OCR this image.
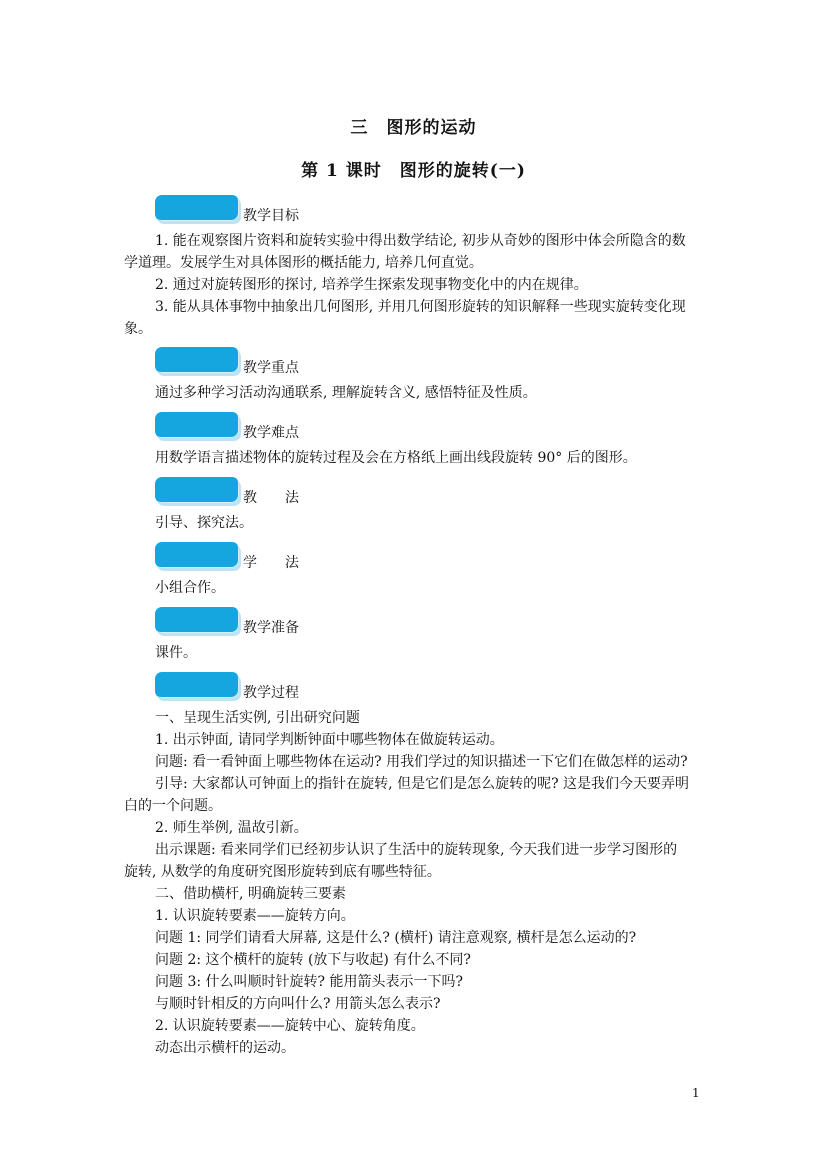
三　图形的运动
第 1 课时　图形的旋转(一)
教学目标
1. 能在观察图片资料和旋转实验中得出数学结论, 初步从奇妙的图形中体会所隐含的数
学道理。发展学生对具体图形的概括能力, 培养几何直觉。
2. 通过对旋转图形的探讨, 培养学生探索发现事物变化中的内在规律。
3. 能从具体事物中抽象出几何图形, 并用几何图形旋转的知识解释一些现实旋转变化现
象。
教学重点
通过多种学习活动沟通联系, 理解旋转含义, 感悟特征及性质。
教学难点
用数学语言描述物体的旋转过程及会在方格纸上画出线段旋转 90° 后的图形。
教　　法
引导、探究法。
学　　法
小组合作。
教学准备
课件。
教学过程
一、呈现生活实例, 引出研究问题
1. 出示钟面, 请同学判断钟面中哪些物体在做旋转运动。
问题: 看一看钟面上哪些物体在运动? 用我们学过的知识描述一下它们在做怎样的运动?
引导: 大家都认可钟面上的指针在旋转, 但是它们是怎么旋转的呢? 这是我们今天要弄明
白的一个问题。
2. 师生举例, 温故引新。
出示课题: 看来同学们已经初步认识了生活中的旋转现象, 今天我们进一步学习图形的
旋转, 从数学的角度研究图形旋转到底有哪些特征。
二、借助横杆, 明确旋转三要素
1. 认识旋转要素——旋转方向。
问题 1: 同学们请看大屏幕, 这是什么? (横杆) 请注意观察, 横杆是怎么运动的?
问题 2: 这个横杆的旋转 (放下与收起) 有什么不同?
问题 3: 什么叫顺时针旋转? 能用箭头表示一下吗?
与顺时针相反的方向叫什么? 用箭头怎么表示?
2. 认识旋转要素——旋转中心、旋转角度。
动态出示横杆的运动。
1
